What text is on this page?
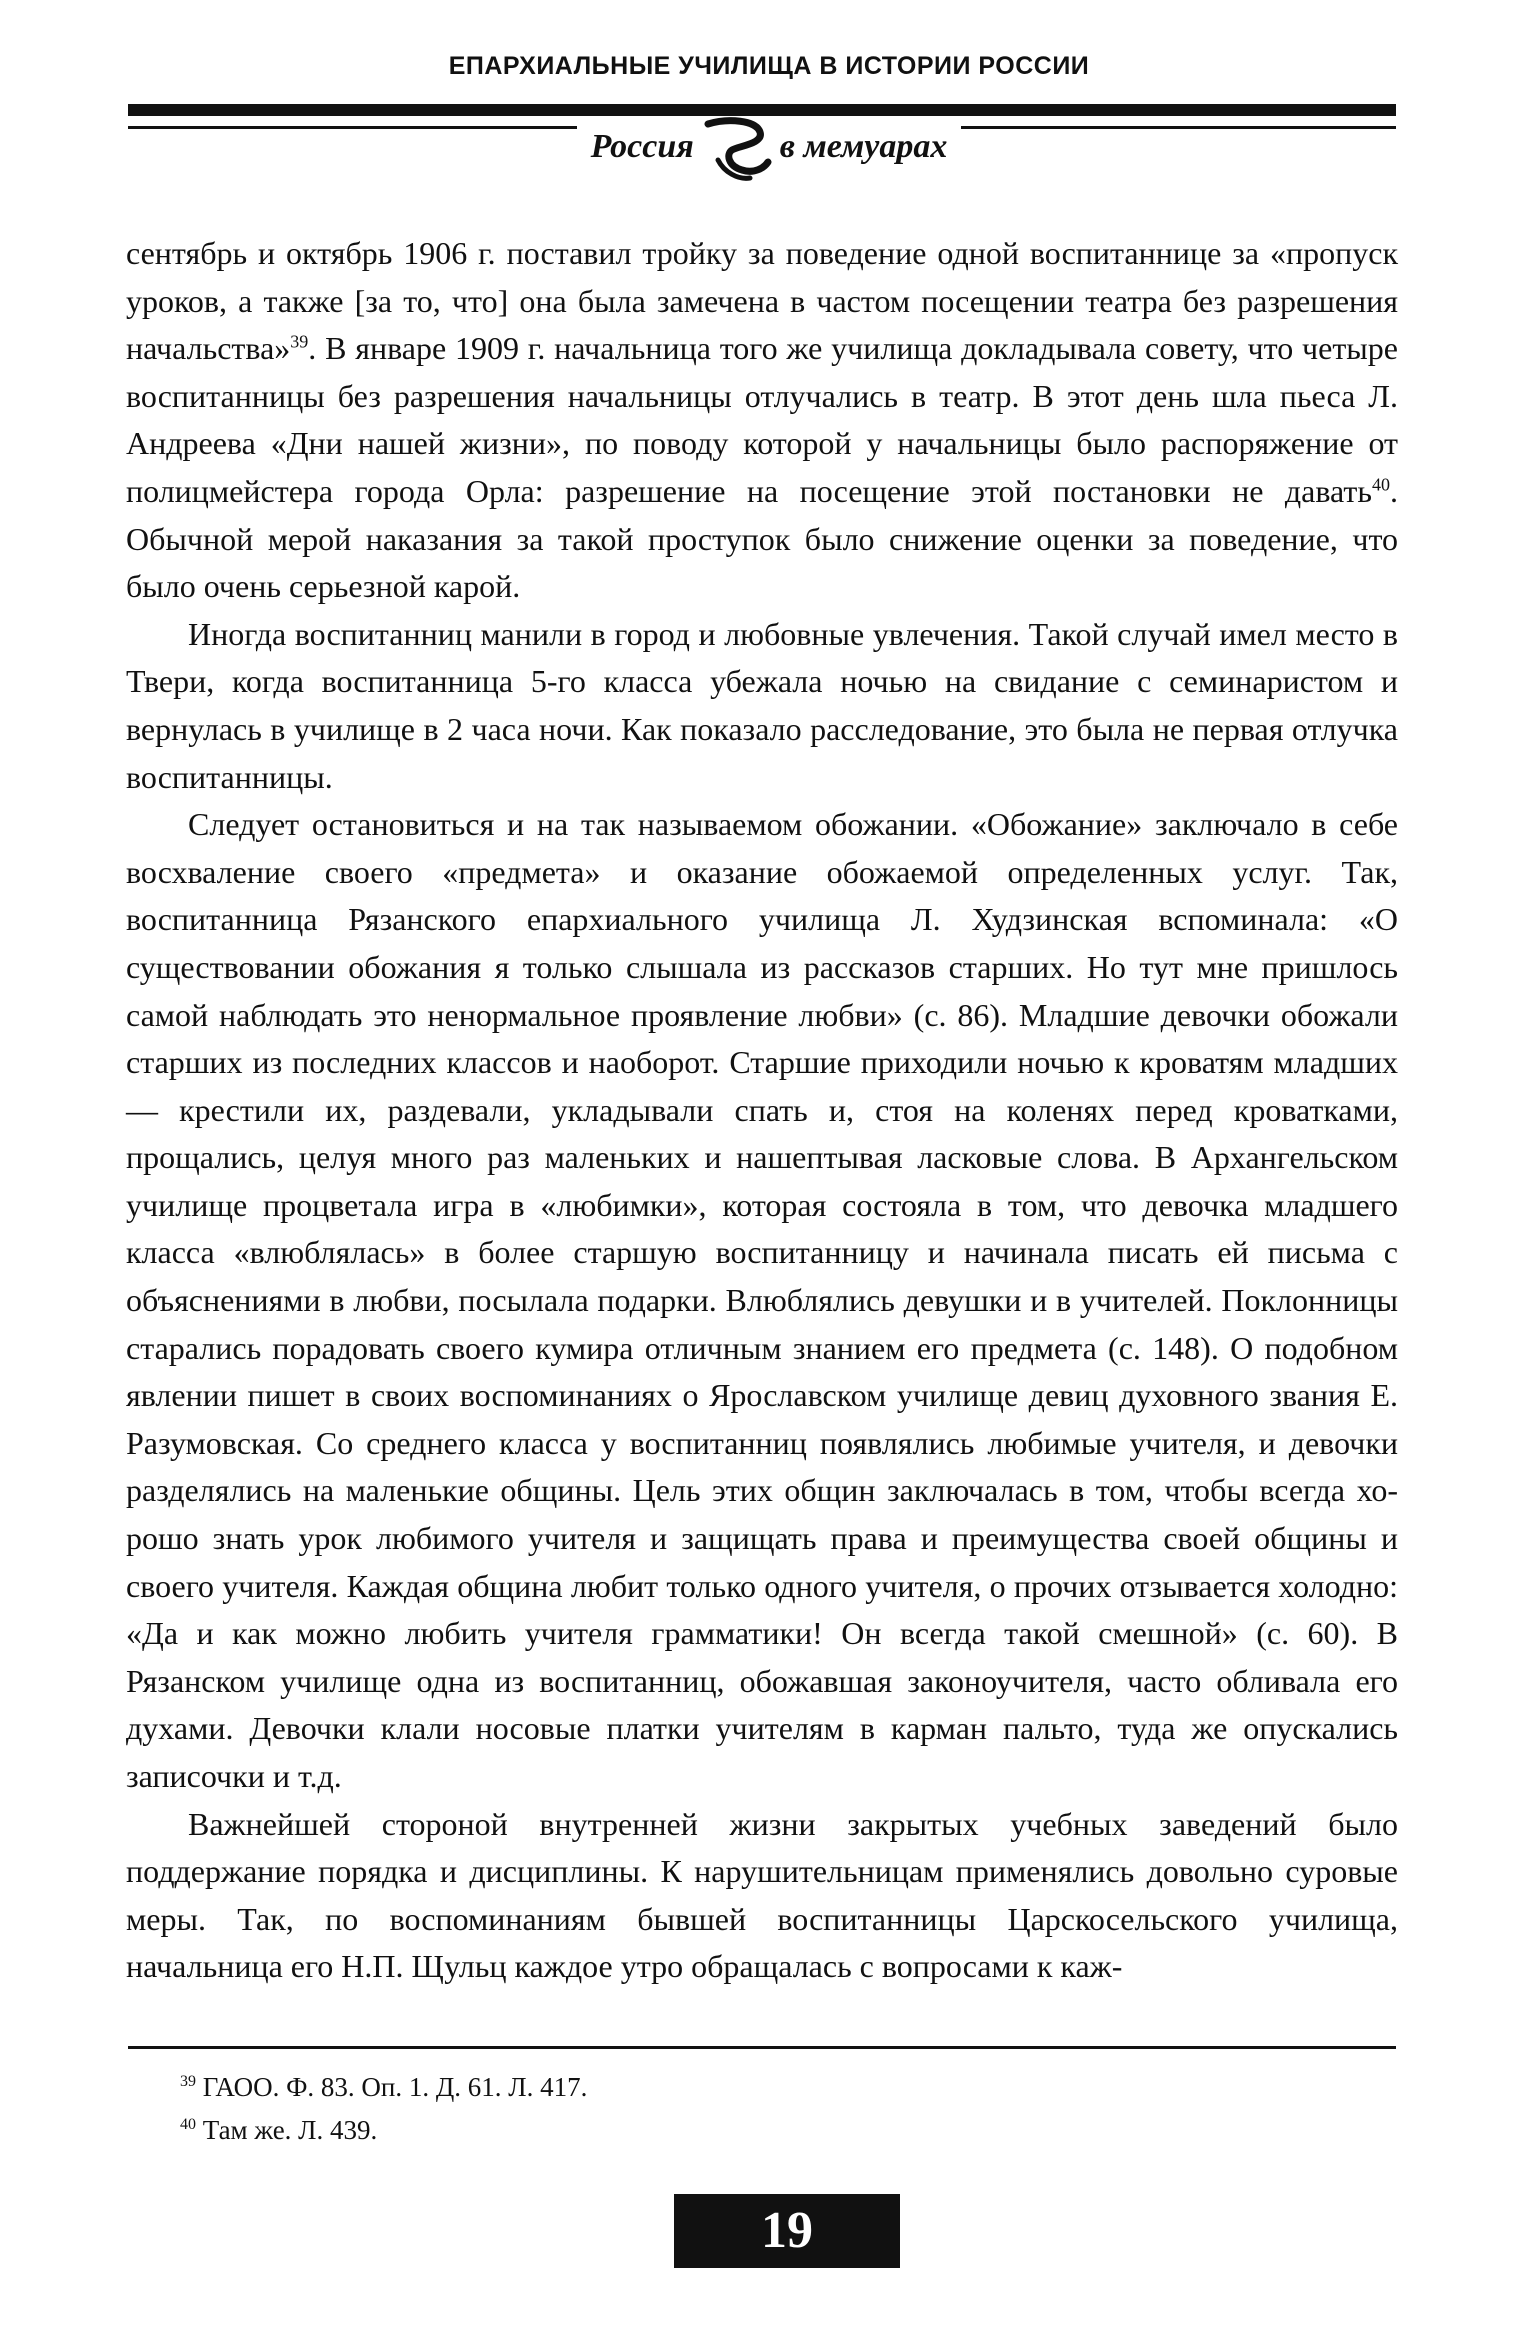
ЕПАРХИАЛЬНЫЕ УЧИЛИЩА В ИСТОРИИ РОССИИ
Россия	в мемуарах

сентябрь и октябрь 1906 г. поставил тройку за поведение одной воспитаннице за «пропуск уроков, а также [за то, что] она была замечена в частом посещении театра без разрешения начальства»$^{39}$. В январе 1909 г. начальница того же училища докладывала совету, что четыре воспитанницы без разрешения начальницы отлучались в театр. В этот день шла пьеса Л. Андреева «Дни нашей жизни», по поводу которой у начальницы было распоряжение от полицмейстера города Орла: разрешение на посещение этой постановки не давать$^{40}$. Обычной мерой наказания за такой проступок было снижение оценки за поведение, что было очень серьезной карой.

Иногда воспитанниц манили в город и любовные увлечения. Такой случай имел место в Твери, когда воспитанница 5-го класса убежала ночью на свидание с семинаристом и вернулась в училище в 2 часа ночи. Как показало расследование, это была не первая отлучка воспитанницы.

Следует остановиться и на так называемом обожании. «Обожание» заключало в себе восхваление своего «предмета» и оказание обожаемой определенных услуг. Так, воспитанница Рязанского епархиального училища Л. Худзинская вспоминала: «О существовании обожания я только слышала из рассказов старших. Но тут мне пришлось самой наблюдать это ненормальное проявление любви» (с. 86). Младшие девочки обожали старших из последних классов и наоборот. Старшие приходили ночью к кроватям младших — крестили их, раздевали, укладывали спать и, стоя на коленях перед кроватками, прощались, целуя много раз маленьких и нашептывая ласковые слова. В Архангельском училище процветала игра в «любимки», которая состояла в том, что девочка младшего класса «влюблялась» в более старшую воспитанницу и начинала писать ей письма с объяснениями в любви, посылала подарки. Влюблялись девушки и в учителей. Поклонницы старались порадовать своего кумира отличным знанием его предмета (с. 148). О подобном явлении пишет в своих воспоминаниях о Ярославском училище девиц духовного звания Е. Разумовская. Со среднего класса у воспитанниц появлялись любимые учителя, и девочки разделялись на маленькие общины. Цель этих общин заключалась в том, чтобы всегда хорошо знать урок любимого учителя и защищать права и преимущества своей общины и своего учителя. Каждая община любит только одного учителя, о прочих отзывается холодно: «Да и как можно любить учителя грамматики! Он всегда такой смешной» (с. 60). В Рязанском училище одна из воспитанниц, обожавшая законоучителя, часто обливала его духами. Девочки клали носовые платки учителям в карман пальто, туда же опускались записочки и т.д.

Важнейшей стороной внутренней жизни закрытых учебных заведений было поддержание порядка и дисциплины. К нарушительницам применялись довольно суровые меры. Так, по воспоминаниям бывшей воспитанницы Царскосельского училища, начальница его Н.П. Щульц каждое утро обращалась с вопросами к каж-

$^{39}$ ГАОО. Ф. 83. Оп. 1. Д. 61. Л. 417.
$^{40}$ Там же. Л. 439.
19
